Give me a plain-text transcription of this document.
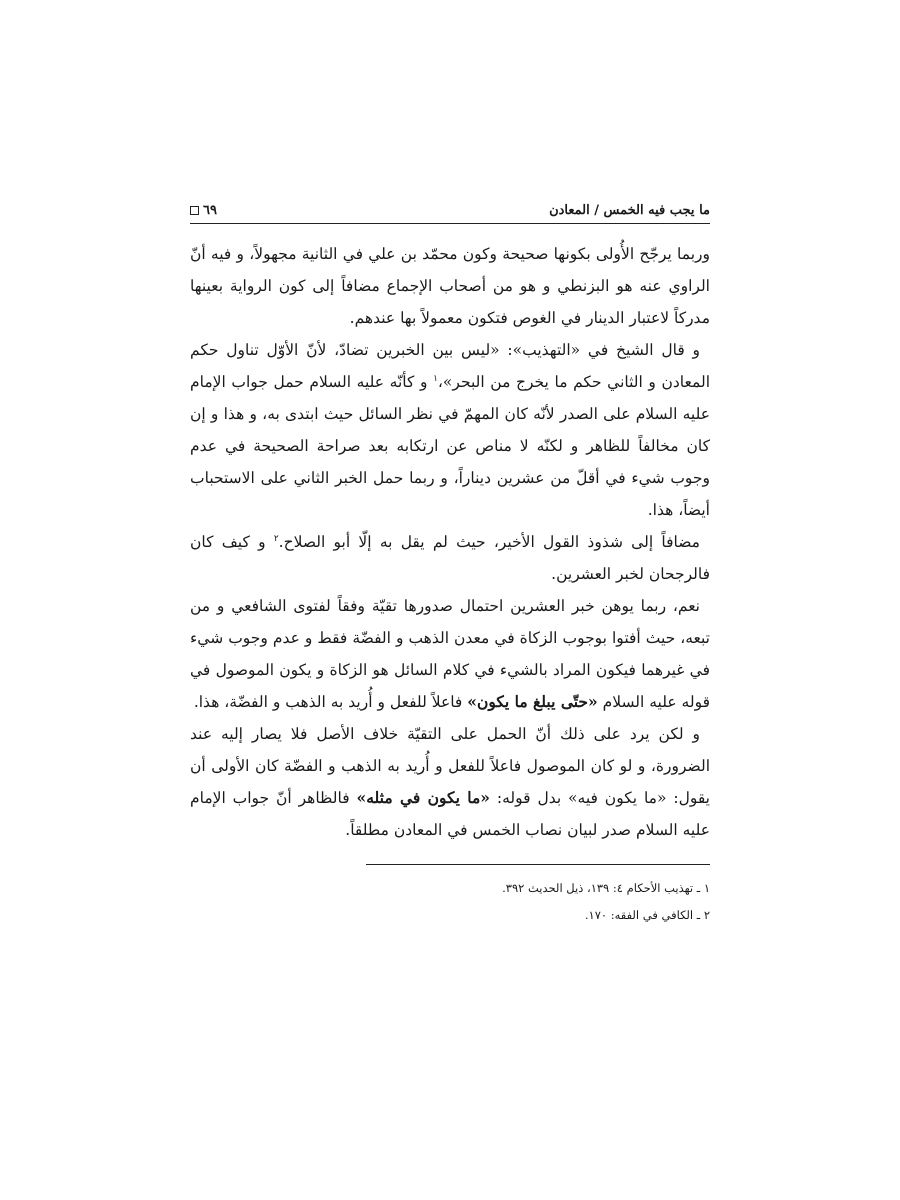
ما يجب فيه الخمس / المعادن
٦٩

وربما يرجّح الأُولى بكونها صحيحة وكون محمّد بن علي في الثانية مجهولاً، و فيه أنّ الراوي عنه هو البزنطي و هو من أصحاب الإجماع مضافاً إلى كون الرواية بعينها مدركاً لاعتبار الدينار في الغوص فتكون معمولاً بها عندهم.

و قال الشيخ في «التهذيب»: «ليس بين الخبرين تضادّ، لأنّ الأوّل تناول حكم المعادن و الثاني حكم ما يخرج من البحر»،$^١$ و كأنّه عليه السلام حمل جواب الإمام عليه السلام على الصدر لأنّه كان المهمّ في نظر السائل حيث ابتدى به، و هذا و إن كان مخالفاً للظاهر و لكنّه لا مناص عن ارتكابه بعد صراحة الصحيحة في عدم وجوب شيء في أقلّ من عشرين ديناراً، و ربما حمل الخبر الثاني على الاستحباب أيضاً، هذا.

مضافاً إلى شذوذ القول الأخير، حيث لم يقل به إلّا أبو الصلاح.$^٢$ و كيف كان فالرجحان لخبر العشرين.

نعم، ربما يوهن خبر العشرين احتمال صدورها تقيّة وفقاً لفتوى الشافعي و من تبعه، حيث أفتوا بوجوب الزكاة في معدن الذهب و الفضّة فقط و عدم وجوب شيء في غيرهما فيكون المراد بالشيء في كلام السائل هو الزكاة و يكون الموصول في قوله عليه السلام «حتّى يبلغ ما يكون» فاعلاً للفعل و أُريد به الذهب و الفضّة، هذا.

و لكن يرد على ذلك أنّ الحمل على التقيّة خلاف الأصل فلا يصار إليه عند الضرورة، و لو كان الموصول فاعلاً للفعل و أُريد به الذهب و الفضّة كان الأولى أن يقول: «ما يكون فيه» بدل قوله: «ما يكون في مثله» فالظاهر أنّ جواب الإمام عليه السلام صدر لبيان نصاب الخمس في المعادن مطلقاً.

١ ـ تهذيب الأحكام ٤: ١٣٩، ذيل الحديث ٣٩٢.

٢ ـ الكافي في الفقه: ١٧٠.
